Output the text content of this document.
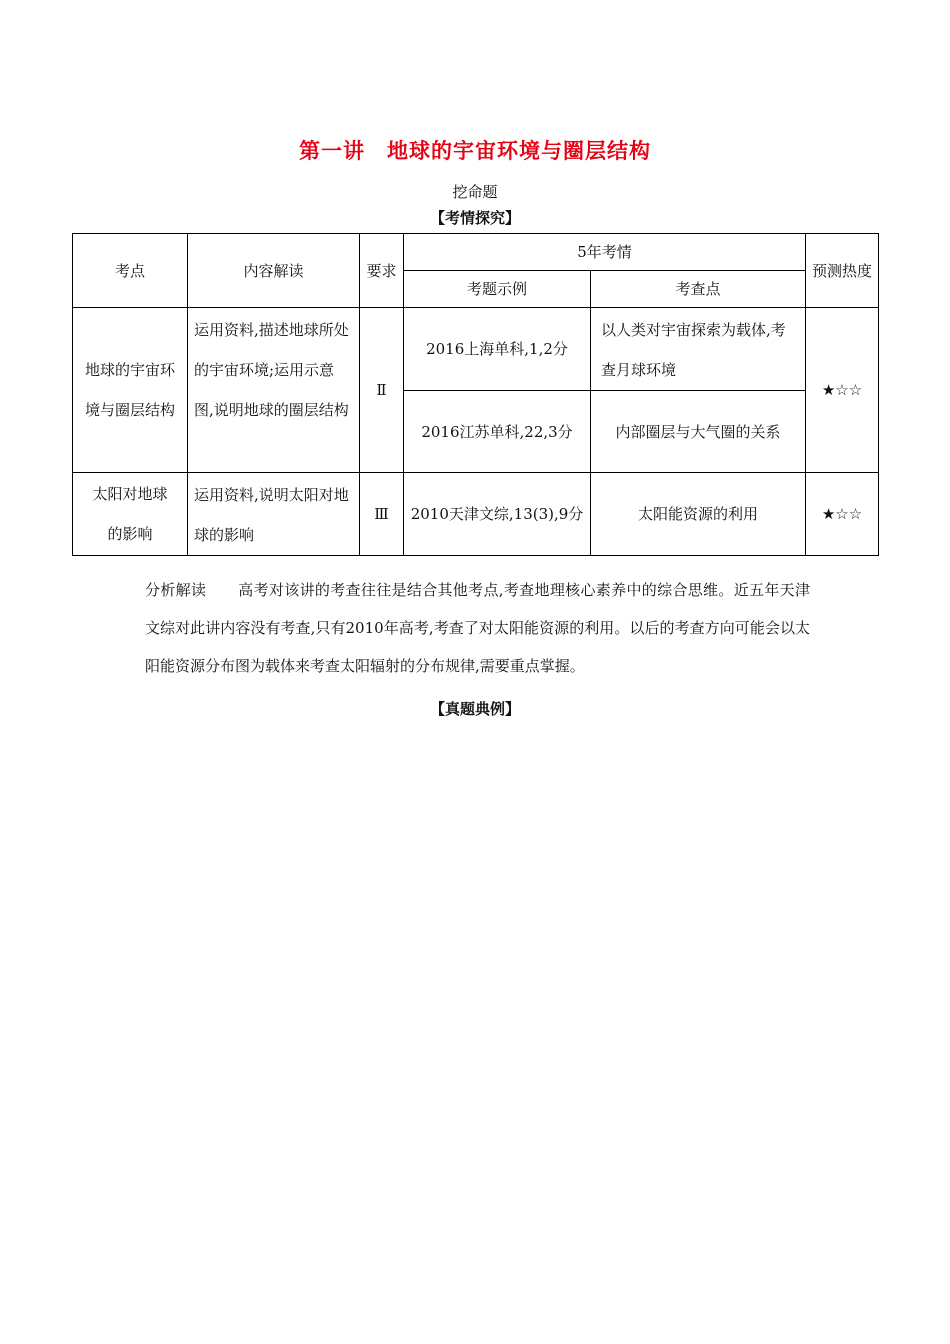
第一讲　地球的宇宙环境与圈层结构
挖命题
【考情探究】
考点	内容解读	要求	5年考情		预测热度
			考题示例	考查点	
地球的宇宙环境与圈层结构	运用资料,描述地球所处的宇宙环境;运用示意图,说明地球的圈层结构	Ⅱ	2016上海单科,1,2分	以人类对宇宙探索为载体,考查月球环境	★☆☆
			2016江苏单科,22,3分	内部圈层与大气圈的关系	
太阳对地球的影响	运用资料,说明太阳对地球的影响	Ⅲ	2010天津文综,13(3),9分	太阳能资源的利用	★☆☆
分析解读 高考对该讲的考查往往是结合其他考点,考查地理核心素养中的综合思维。近五年天津文综对此讲内容没有考查,只有2010年高考,考查了对太阳能资源的利用。以后的考查方向可能会以太阳能资源分布图为载体来考查太阳辐射的分布规律,需要重点掌握。
【真题典例】
